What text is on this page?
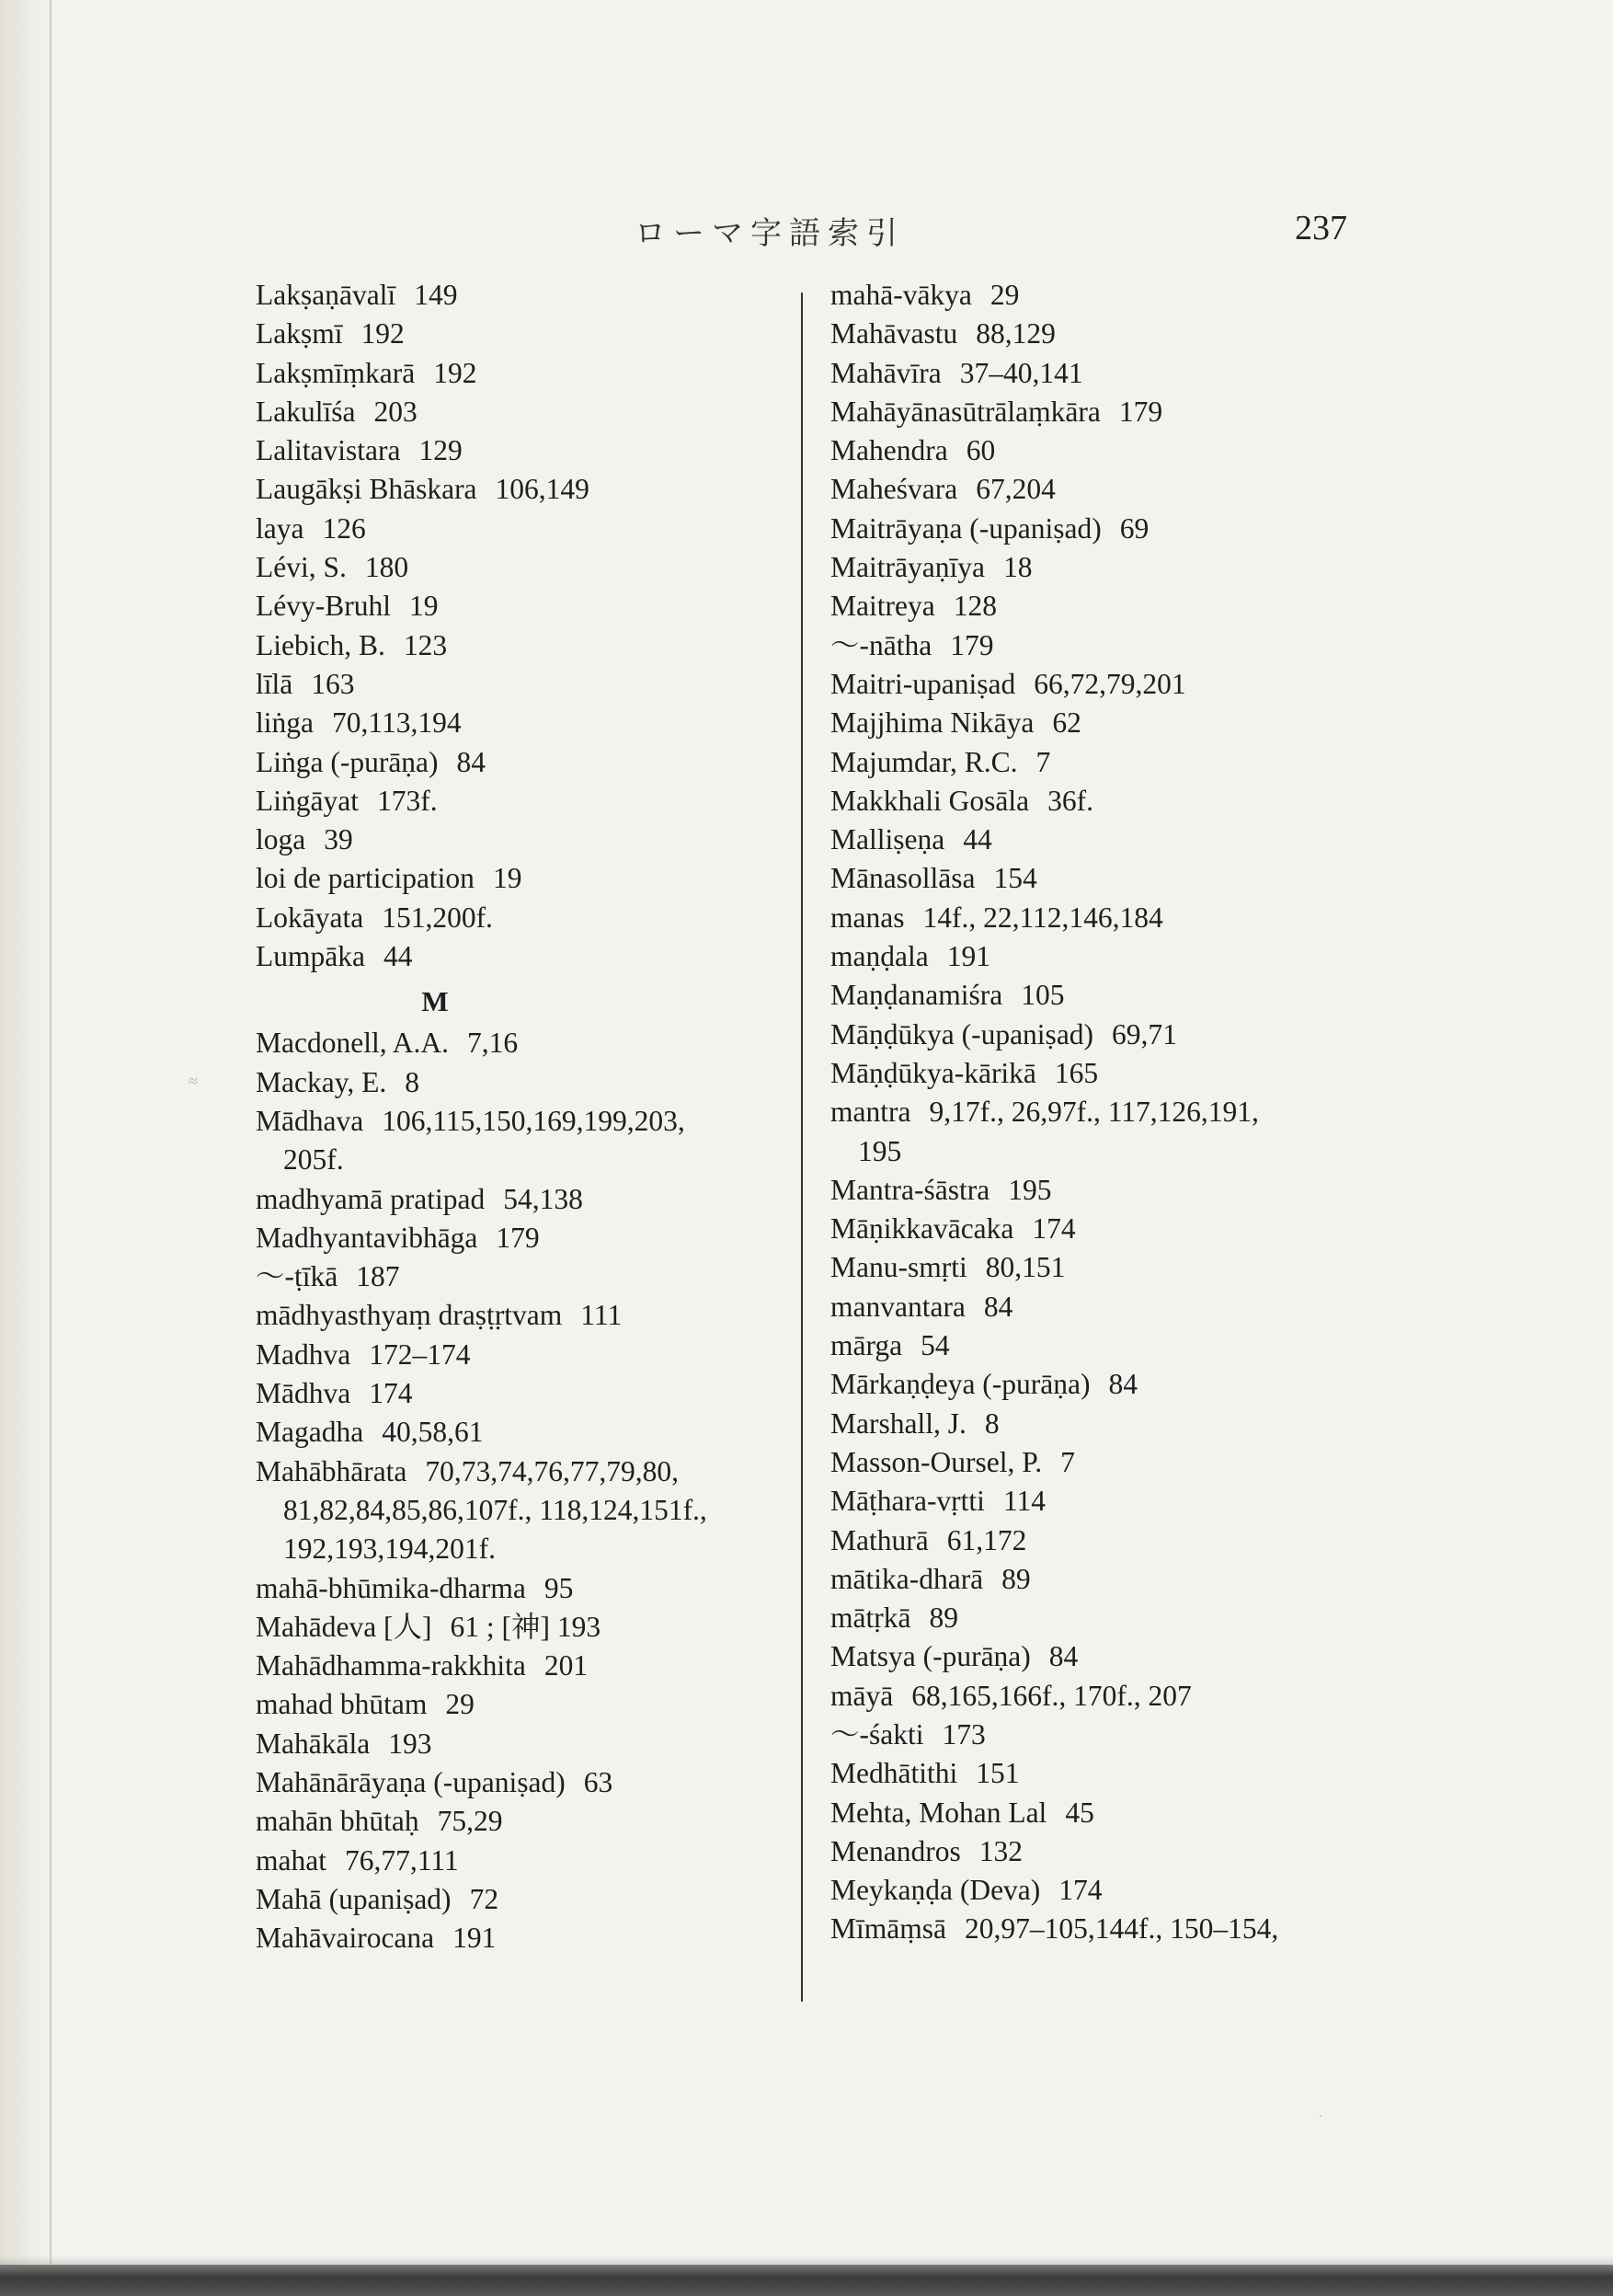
ローマ字語索引	237
Lakṣaṇāvalī 149
Lakṣmī 192
Lakṣmīṃkarā 192
Lakulīśa 203
Lalitavistara 129
Laugākṣi Bhāskara 106,149
laya 126
Lévi, S. 180
Lévy-Bruhl 19
Liebich, B. 123
līlā 163
liṅga 70,113,194
Liṅga (-purāṇa) 84
Liṅgāyat 173f.
loga 39
loi de participation 19
Lokāyata 151,200f.
Lumpāka 44
M
Macdonell, A.A. 7,16
Mackay, E. 8
Mādhava 106,115,150,169,199,203,
205f.
madhyamā pratipad 54,138
Madhyantavibhāga 179
〜-ṭīkā 187
mādhyasthyaṃ draṣṭṛtvam 111
Madhva 172–174
Mādhva 174
Magadha 40,58,61
Mahābhārata 70,73,74,76,77,79,80,
81,82,84,85,86,107f., 118,124,151f.,
192,193,194,201f.
mahā-bhūmika-dharma 95
Mahādeva [人] 61 ; [神] 193
Mahādhamma-rakkhita 201
mahad bhūtam 29
Mahākāla 193
Mahānārāyaṇa (-upaniṣad) 63
mahān bhūtaḥ 75,29
mahat 76,77,111
Mahā (upaniṣad) 72
Mahāvairocana 191
mahā-vākya 29
Mahāvastu 88,129
Mahāvīra 37–40,141
Mahāyānasūtrālaṃkāra 179
Mahendra 60
Maheśvara 67,204
Maitrāyaṇa (-upaniṣad) 69
Maitrāyaṇīya 18
Maitreya 128
〜-nātha 179
Maitri-upaniṣad 66,72,79,201
Majjhima Nikāya 62
Majumdar, R.C. 7
Makkhali Gosāla 36f.
Malliṣeṇa 44
Mānasollāsa 154
manas 14f., 22,112,146,184
maṇḍala 191
Maṇḍanamiśra 105
Māṇḍūkya (-upaniṣad) 69,71
Māṇḍūkya-kārikā 165
mantra 9,17f., 26,97f., 117,126,191,
195
Mantra-śāstra 195
Māṇikkavācaka 174
Manu-smṛti 80,151
manvantara 84
mārga 54
Mārkaṇḍeya (-purāṇa) 84
Marshall, J. 8
Masson-Oursel, P. 7
Māṭhara-vṛtti 114
Mathurā 61,172
mātika-dharā 89
mātṛkā 89
Matsya (-purāṇa) 84
māyā 68,165,166f., 170f., 207
〜-śakti 173
Medhātithi 151
Mehta, Mohan Lal 45
Menandros 132
Meykaṇḍa (Deva) 174
Mīmāṃsā 20,97–105,144f., 150–154,
≈
·
